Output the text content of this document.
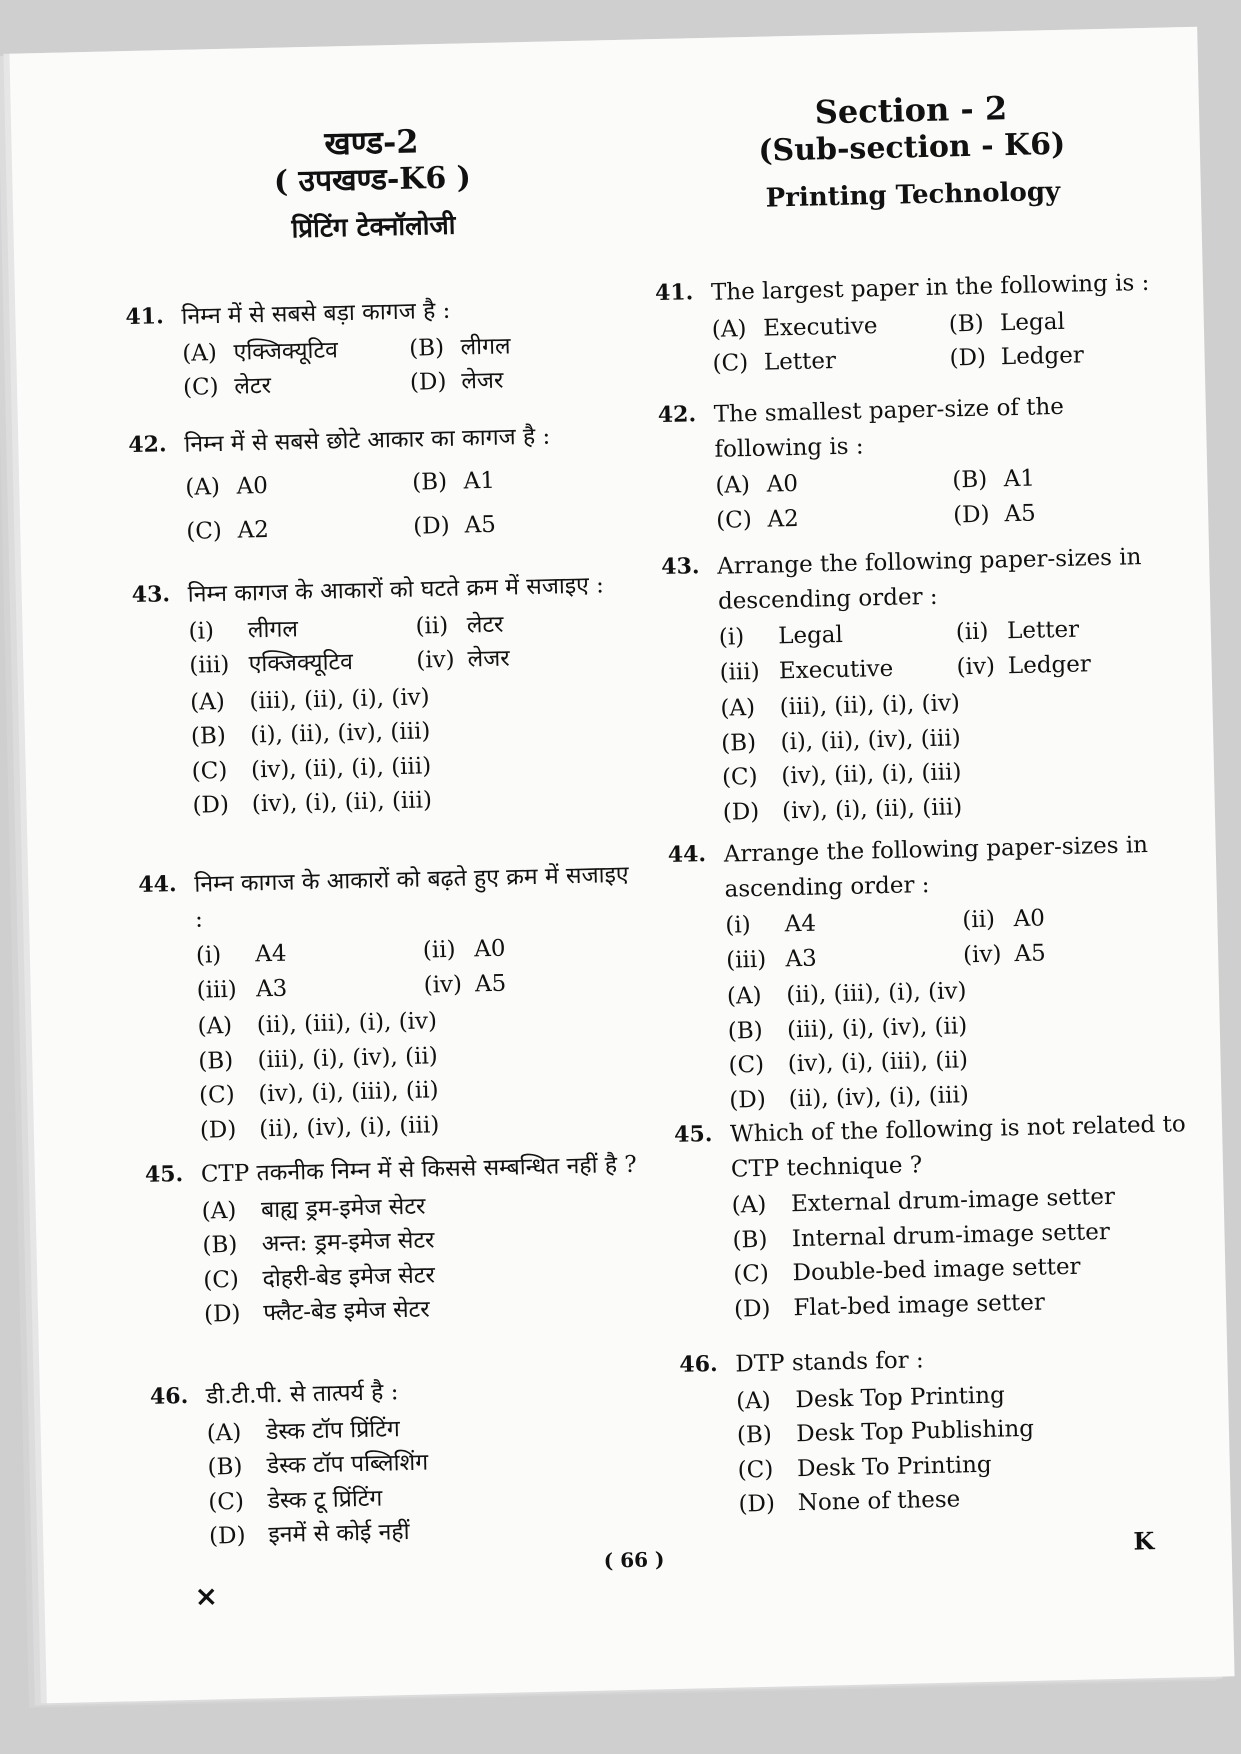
खण्ड-2
( उपखण्ड-K6 )
प्रिंटिंग टेक्नॉलोजी
41. निम्न में से सबसे बड़ा कागज है :
(A) एक्जिक्यूटिव	(B) लीगल
(C) लेटर	(D) लेजर
42. निम्न में से सबसे छोटे आकार का कागज है :
(A) A0	(B) A1
(C) A2	(D) A5
43. निम्न कागज के आकारों को घटते क्रम में सजाइए :
(i) लीगल	(ii) लेटर
(iii) एक्जिक्यूटिव	(iv) लेजर
(A) (iii), (ii), (i), (iv)
(B) (i), (ii), (iv), (iii)
(C) (iv), (ii), (i), (iii)
(D) (iv), (i), (ii), (iii)
44. निम्न कागज के आकारों को बढ़ते हुए क्रम में सजाइए :
(i) A4	(ii) A0
(iii) A3	(iv) A5
(A) (ii), (iii), (i), (iv)
(B) (iii), (i), (iv), (ii)
(C) (iv), (i), (iii), (ii)
(D) (ii), (iv), (i), (iii)
45. CTP तकनीक निम्न में से किससे सम्बन्धित नहीं है ?
(A) बाह्य ड्रम-इमेज सेटर
(B) अन्त: ड्रम-इमेज सेटर
(C) दोहरी-बेड इमेज सेटर
(D) फ्लैट-बेड इमेज सेटर
46. डी.टी.पी. से तात्पर्य है :
(A) डेस्क टॉप प्रिंटिंग
(B) डेस्क टॉप पब्लिशिंग
(C) डेस्क टू प्रिंटिंग
(D) इनमें से कोई नहीं
Section - 2
(Sub-section - K6)
Printing Technology
41. The largest paper in the following is :
(A) Executive	(B) Legal
(C) Letter	(D) Ledger
42. The smallest paper-size of the following is :
(A) A0	(B) A1
(C) A2	(D) A5
43. Arrange the following paper-sizes in descending order :
(i) Legal	(ii) Letter
(iii) Executive	(iv) Ledger
(A) (iii), (ii), (i), (iv)
(B) (i), (ii), (iv), (iii)
(C) (iv), (ii), (i), (iii)
(D) (iv), (i), (ii), (iii)
44. Arrange the following paper-sizes in ascending order :
(i) A4	(ii) A0
(iii) A3	(iv) A5
(A) (ii), (iii), (i), (iv)
(B) (iii), (i), (iv), (ii)
(C) (iv), (i), (iii), (ii)
(D) (ii), (iv), (i), (iii)
45. Which of the following is not related to CTP technique ?
(A) External drum-image setter
(B) Internal drum-image setter
(C) Double-bed image setter
(D) Flat-bed image setter
46. DTP stands for :
(A) Desk Top Printing
(B) Desk Top Publishing
(C) Desk To Printing
(D) None of these
( 66 )
K
×
